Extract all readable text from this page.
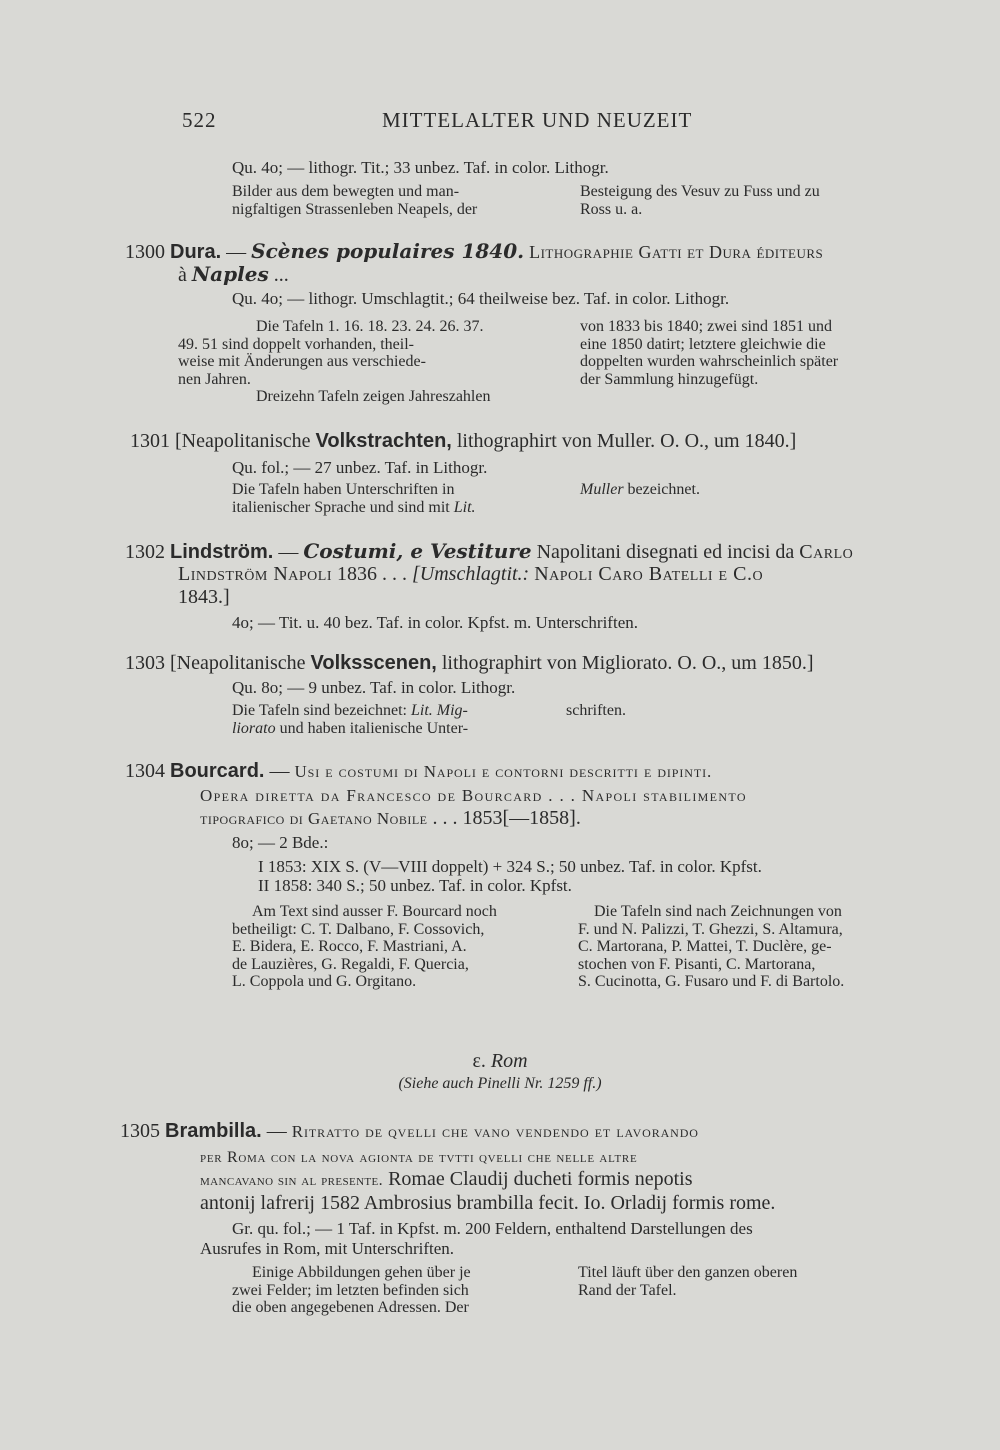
522	MITTELALTER UND NEUZEIT
Qu. 4o; — lithogr. Tit.; 33 unbez. Taf. in color. Lithogr.
Bilder aus dem bewegten und man-
nigfaltigen Strassenleben Neapels, der
Besteigung des Vesuv zu Fuss und zu
Ross u. a.
1300 Dura. — Scènes populaires 1840. Lithographie Gatti et Dura éditeurs
à Naples ...
Qu. 4o; — lithogr. Umschlagtit.; 64 theilweise bez. Taf. in color. Lithogr.
Die Tafeln 1. 16. 18. 23. 24. 26. 37.
49. 51 sind doppelt vorhanden, theil-
weise mit Änderungen aus verschiede-
nen Jahren.
Dreizehn Tafeln zeigen Jahreszahlen
von 1833 bis 1840; zwei sind 1851 und
eine 1850 datirt; letztere gleichwie die
doppelten wurden wahrscheinlich später
der Sammlung hinzugefügt.
1301 [Neapolitanische Volkstrachten, lithographirt von Muller. O. O., um 1840.]
Qu. fol.; — 27 unbez. Taf. in Lithogr.
Die Tafeln haben Unterschriften in
italienischer Sprache und sind mit Lit.
Muller bezeichnet.
1302 Lindström. — Costumi, e Vestiture Napolitani disegnati ed incisi da Carlo
Lindström Napoli 1836 . . . [Umschlagtit.: Napoli Caro Batelli e C.o
1843.]
4o; — Tit. u. 40 bez. Taf. in color. Kpfst. m. Unterschriften.
1303 [Neapolitanische Volksscenen, lithographirt von Migliorato. O. O., um 1850.]
Qu. 8o; — 9 unbez. Taf. in color. Lithogr.
Die Tafeln sind bezeichnet: Lit. Mig-
liorato und haben italienische Unter-
schriften.
1304 Bourcard. — Usi e costumi di Napoli e contorni descritti e dipinti.
Opera diretta da Francesco de Bourcard . . . Napoli stabilimento
tipografico di Gaetano Nobile . . . 1853[—1858].
8o; — 2 Bde.:
I 1853: XIX S. (V—VIII doppelt) + 324 S.; 50 unbez. Taf. in color. Kpfst.
II 1858: 340 S.; 50 unbez. Taf. in color. Kpfst.
Am Text sind ausser F. Bourcard noch
betheiligt: C. T. Dalbano, F. Cossovich,
E. Bidera, E. Rocco, F. Mastriani, A.
de Lauzières, G. Regaldi, F. Quercia,
L. Coppola und G. Orgitano.
Die Tafeln sind nach Zeichnungen von
F. und N. Palizzi, T. Ghezzi, S. Altamura,
C. Martorana, P. Mattei, T. Duclère, ge-
stochen von F. Pisanti, C. Martorana,
S. Cucinotta, G. Fusaro und F. di Bartolo.
ε. Rom
(Siehe auch Pinelli Nr. 1259 ff.)
1305 Brambilla. — Ritratto de qvelli che vano vendendo et lavorando
per Roma con la nova agionta de tvtti qvelli che nelle altre
mancavano sin al presente. Romae Claudij ducheti formis nepotis
antonij lafrerij 1582 Ambrosius brambilla fecit. Io. Orladij formis rome.
Gr. qu. fol.; — 1 Taf. in Kpfst. m. 200 Feldern, enthaltend Darstellungen des
Ausrufes in Rom, mit Unterschriften.
Einige Abbildungen gehen über je
zwei Felder; im letzten befinden sich
die oben angegebenen Adressen. Der
Titel läuft über den ganzen oberen
Rand der Tafel.
